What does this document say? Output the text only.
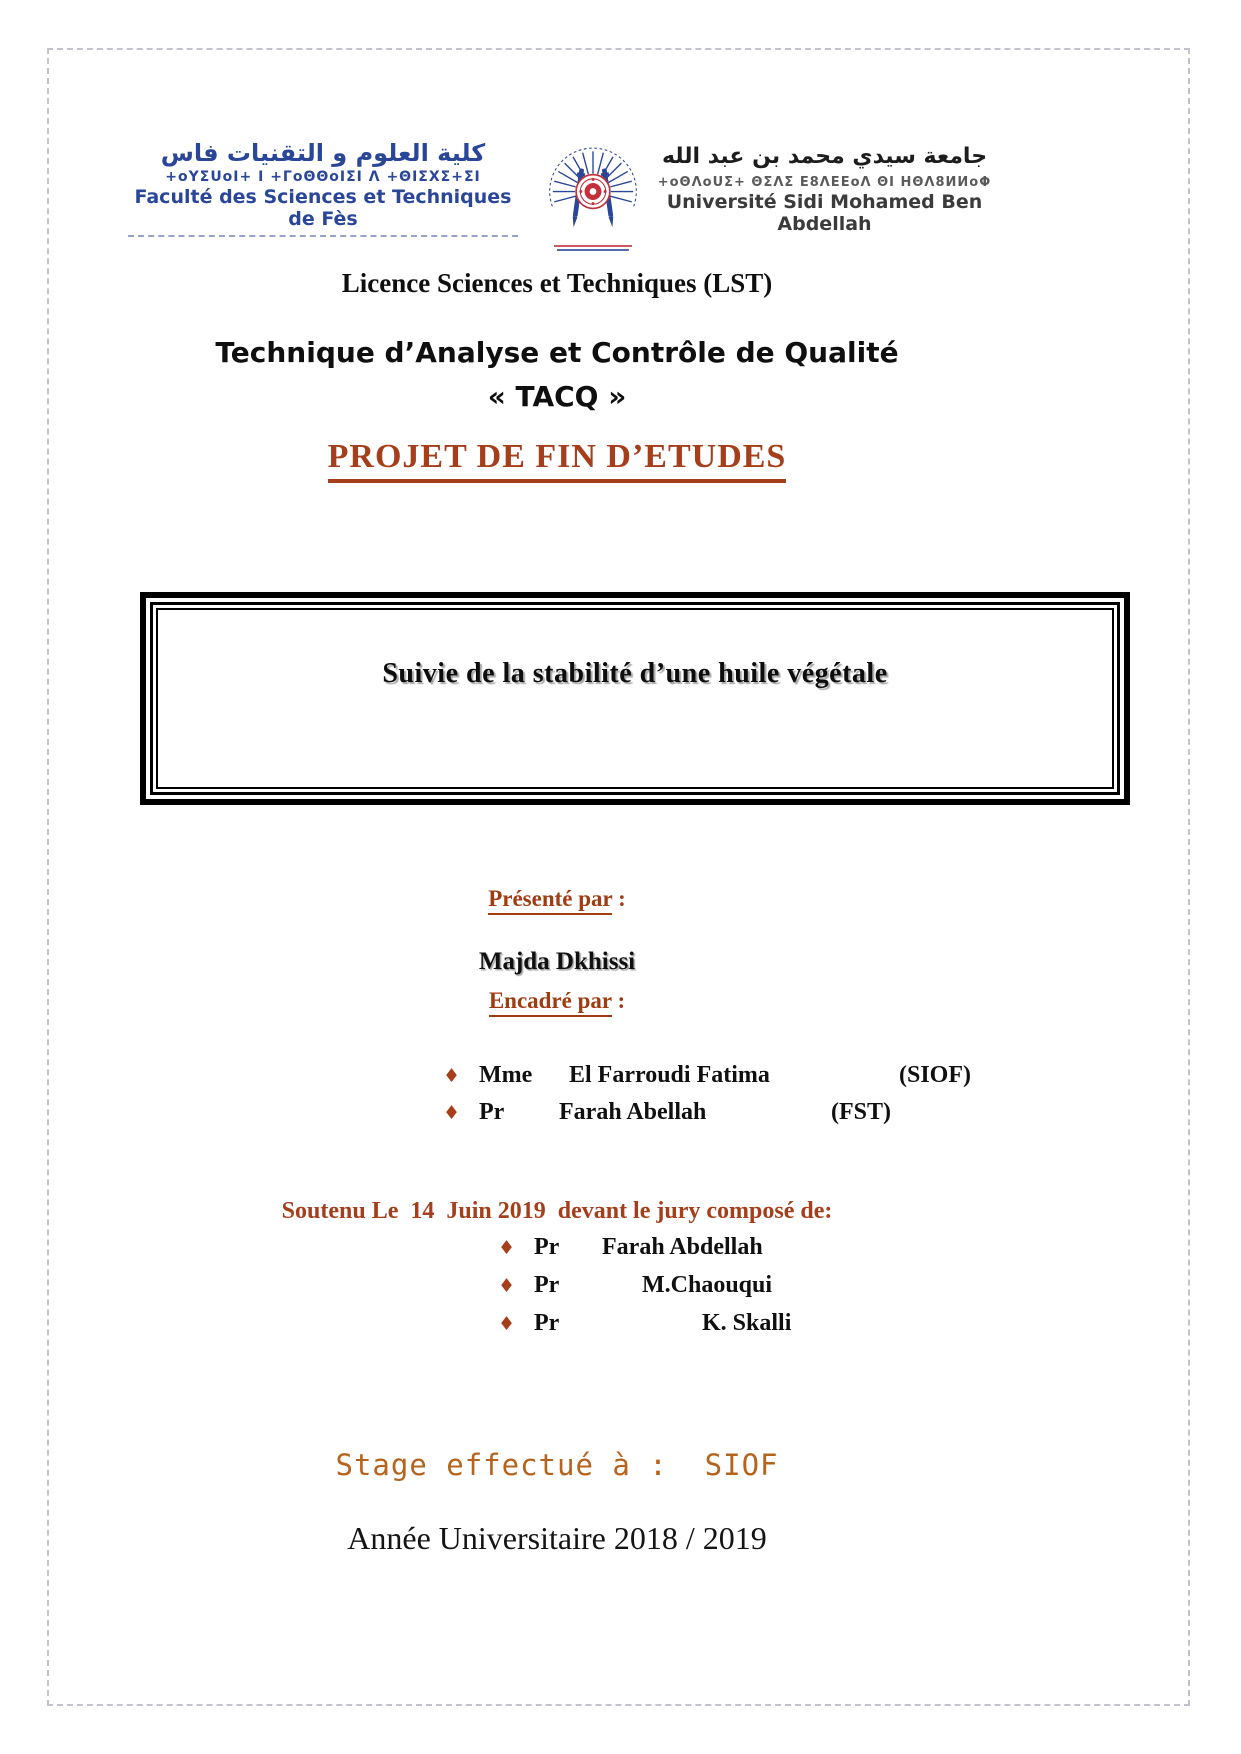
كلية العلوم و التقنيات فاس
+oYΣUoI+ I +ΓoΘΘoIΣI Λ +ΘIΣXΣ+ΣI
Faculté des Sciences et Techniques de Fès
جامعة سيدي محمد بن عبد الله
+oΘΛoUΣ+ ΘΣΛΣ Ε8ΛΕΕoΛ ΘΙ ΗΘΛ8ИИoΦ
Université Sidi Mohamed Ben Abdellah
Licence Sciences et Techniques (LST)
Technique d’Analyse et Contrôle de Qualité
« TACQ »
PROJET DE FIN D’ETUDES
Suivie de la stabilité d’une huile végétale
Présenté par :
Majda Dkhissi
Encadré par :
♦ Mme	El Farroudi Fatima	(SIOF)
♦ Pr	Farah Abellah	(FST)
Soutenu Le  14  Juin 2019  devant le jury composé de:
♦ Pr	Farah Abdellah
♦ Pr	M.Chaouqui
♦ Pr	K. Skalli
Stage effectué à :  SIOF
Année Universitaire 2018 / 2019
